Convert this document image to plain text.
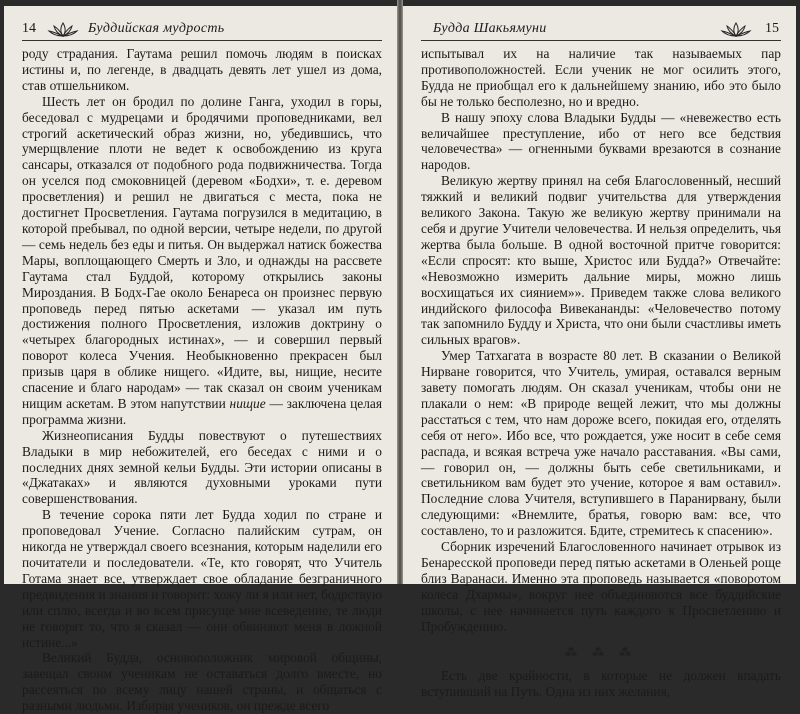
14	Буддийская мудрость

роду страдания. Гаутама решил помочь людям в поисках истины и, по легенде, в двадцать девять лет ушел из дома, став отшельником.

Шесть лет он бродил по долине Ганга, уходил в горы, беседовал с мудрецами и бродячими проповедниками, вел строгий аскетический образ жизни, но, убедившись, что умерщвление плоти не ведет к освобождению из круга сансары, отказался от подобного рода подвижничества. Тогда он уселся под смоковницей (деревом «Бодхи», т. е. деревом просветления) и решил не двигаться с места, пока не достигнет Просветления. Гаутама погрузился в медитацию, в которой пребывал, по одной версии, четыре недели, по другой — семь недель без еды и питья. Он выдержал натиск божества Мары, воплощающего Смерть и Зло, и однажды на рассвете Гаутама стал Буддой, которому открылись законы Мироздания. В Бодх-Гае около Бенареса он произнес первую проповедь перед пятью аскетами — указал им путь достижения полного Просветления, изложив доктрину о «четырех благородных истинах», — и совершил первый поворот колеса Учения. Необыкновенно прекрасен был призыв царя в облике нищего. «Идите, вы, нищие, несите спасение и благо народам» — так сказал он своим ученикам нищим аскетам. В этом напутствии нищие — заключена целая программа жизни.

Жизнеописания Будды повествуют о путешествиях Владыки в мир небожителей, его беседах с ними и о последних днях земной кельи Будды. Эти истории описаны в «Джатаках» и являются духовными уроками пути совершенствования.

В течение сорока пяти лет Будда ходил по стране и проповедовал Учение. Согласно палийским сутрам, он никогда не утверждал своего всезнания, которым наделили его почитатели и последователи. «Те, кто говорят, что Учитель Готама знает все, утверждает свое обладание безграничного предвидения и знания и говорит: хожу ли я или нет, бодрствую или сплю, всегда и во всем присуще мне всеведение, те люди не говорят то, что я сказал — они обвиняют меня в ложной истине...»

Великий Будда, основоположник мировой общины, завещал своим ученикам не оставаться долго вместе, но рассеяться по всему лицу нашей страны, и общаться с разными людьми. Избирая учеников, он прежде всего

Будда Шакьямуни	15

испытывал их на наличие так называемых пар противоположностей. Если ученик не мог осилить этого, Будда не приобщал его к дальнейшему знанию, ибо это было бы не только бесполезно, но и вредно.

В нашу эпоху слова Владыки Будды — «невежество есть величайшее преступление, ибо от него все бедствия человечества» — огненными буквами врезаются в сознание народов.

Великую жертву принял на себя Благословенный, несший тяжкий и великий подвиг учительства для утверждения великого Закона. Такую же великую жертву принимали на себя и другие Учители человечества. И нельзя определить, чья жертва была больше. В одной восточной притче говорится: «Если спросят: кто выше, Христос или Будда?» Отвечайте: «Невозможно измерить дальние миры, можно лишь восхищаться их сиянием»». Приведем также слова великого индийского философа Вивекананды: «Человечество потому так запомнило Будду и Христа, что они были счастливы иметь сильных врагов».

Умер Татхагата в возрасте 80 лет. В сказании о Великой Нирване говорится, что Учитель, умирая, оставался верным завету помогать людям. Он сказал ученикам, чтобы они не плакали о нем: «В природе вещей лежит, что мы должны расстаться с тем, что нам дороже всего, покидая его, отделять себя от него». Ибо все, что рождается, уже носит в себе семя распада, и всякая встреча уже начало расставания. «Вы сами, — говорил он, — должны быть себе светильниками, и светильником вам будет это учение, которое я вам оставил». Последние слова Учителя, вступившего в Паранирвану, были следующими: «Внемлите, братья, говорю вам: все, что составлено, то и разложится. Бдите, стремитесь к спасению».

Сборник изречений Благословенного начинает отрывок из Бенаресской проповеди перед пятью аскетами в Оленьей роще близ Варанаси. Именно эта проповедь называется «поворотом колеса Дхармы», вокруг нее объединяются все буддийские школы, с нее начинается путь каждого к Просветлению и Пробуждению.

⁂ ⁂ ⁂

Есть две крайности, в которые не должен впадать вступивший на Путь. Одна из них желания,
